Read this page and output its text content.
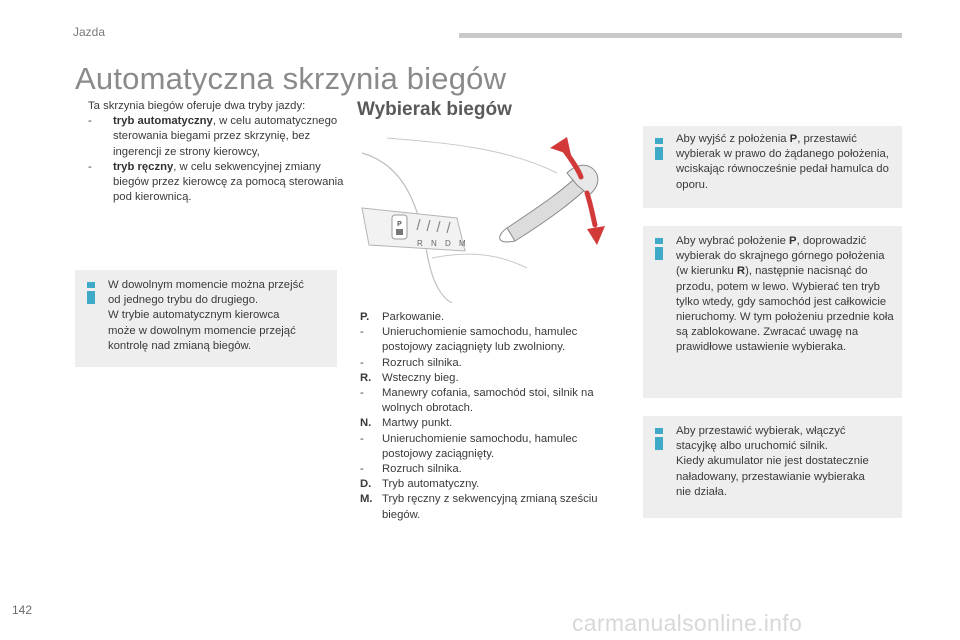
Jazda
Automatyczna skrzynia biegów
Ta skrzynia biegów oferuje dwa tryby jazdy:
- tryb automatyczny, w celu automatycznego sterowania biegami przez skrzynię, bez ingerencji ze strony kierowcy,
- tryb ręczny, w celu sekwencyjnej zmiany biegów przez kierowcę za pomocą sterowania pod kierownicą.
W dowolnym momencie można przejść
od jednego trybu do drugiego.
W trybie automatycznym kierowca
może w dowolnym momencie przejąć
kontrolę nad zmianą biegów.
Wybierak biegów
P
R N D M
P. Parkowanie.
- Unieruchomienie samochodu, hamulec postojowy zaciągnięty lub zwolniony.
- Rozruch silnika.
R. Wsteczny bieg.
- Manewry cofania, samochód stoi, silnik na wolnych obrotach.
N. Martwy punkt.
- Unieruchomienie samochodu, hamulec postojowy zaciągnięty.
- Rozruch silnika.
D. Tryb automatyczny.
M. Tryb ręczny z sekwencyjną zmianą sześciu biegów.
Aby wyjść z położenia P, przestawić wybierak w prawo do żądanego położenia, wciskając równocześnie pedał hamulca do oporu.
Aby wybrać położenie P, doprowadzić wybierak do skrajnego górnego położenia (w kierunku R), następnie nacisnąć do przodu, potem w lewo. Wybierać ten tryb tylko wtedy, gdy samochód jest całkowicie nieruchomy. W tym położeniu przednie koła są zablokowane. Zwracać uwagę na prawidłowe ustawienie wybieraka.
Aby przestawić wybierak, włączyć
stacyjkę albo uruchomić silnik.
Kiedy akumulator nie jest dostatecznie
naładowany, przestawianie wybieraka
nie działa.
142	carmanualsonline.info
